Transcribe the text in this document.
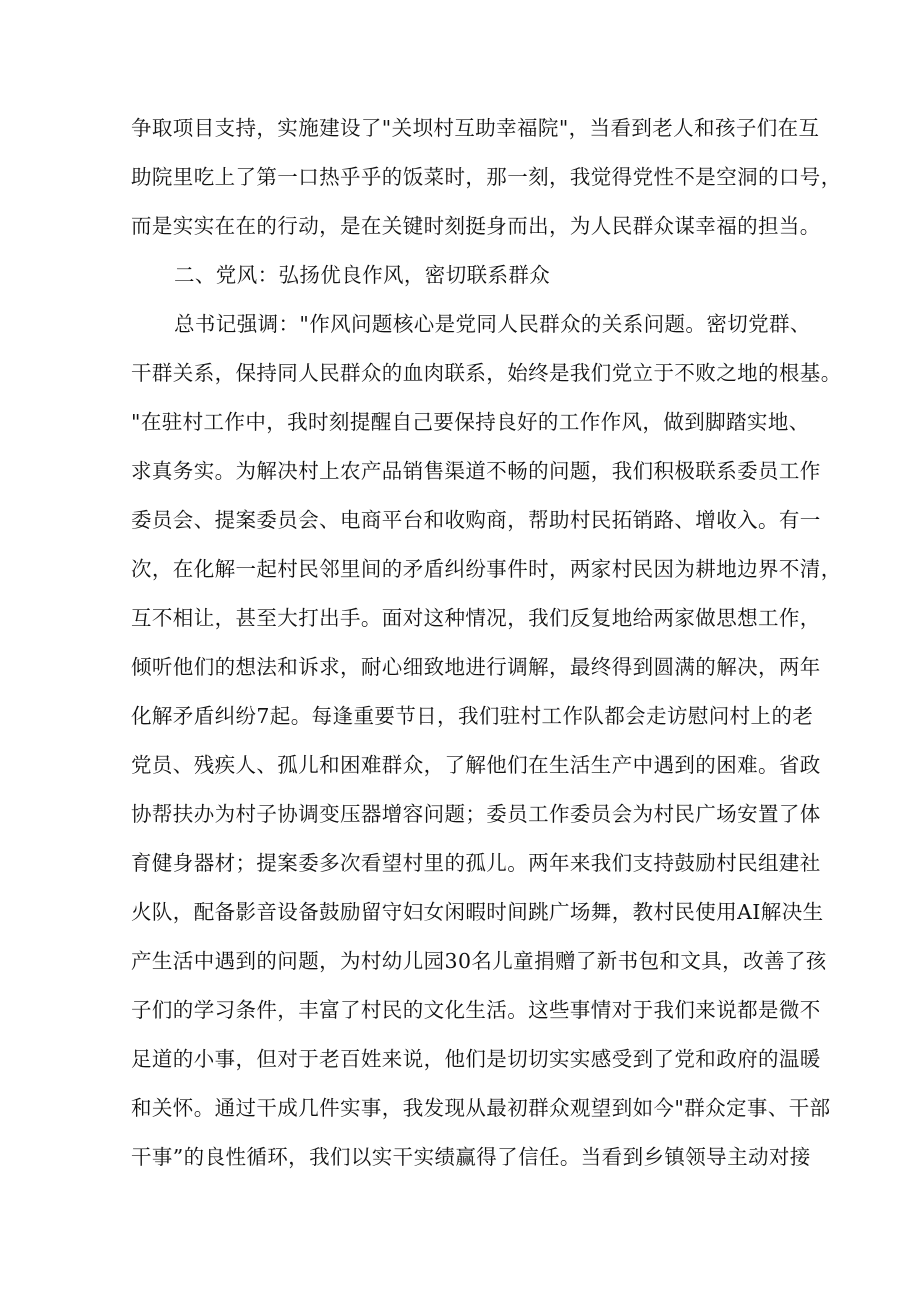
争取项目支持，实施建设了"关坝村互助幸福院"，当看到老人和孩子们在互
助院里吃上了第一口热乎乎的饭菜时，那一刻，我觉得党性不是空洞的口号，
而是实实在在的行动，是在关键时刻挺身而出，为人民群众谋幸福的担当。
二、党风：弘扬优良作风，密切联系群众
总书记强调："作风问题核心是党同人民群众的关系问题。密切党群、
干群关系，保持同人民群众的血肉联系，始终是我们党立于不败之地的根基。
"在驻村工作中，我时刻提醒自己要保持良好的工作作风，做到脚踏实地、
求真务实。为解决村上农产品销售渠道不畅的问题，我们积极联系委员工作
委员会、提案委员会、电商平台和收购商，帮助村民拓销路、增收入。有一
次，在化解一起村民邻里间的矛盾纠纷事件时，两家村民因为耕地边界不清，
互不相让，甚至大打出手。面对这种情况，我们反复地给两家做思想工作，
倾听他们的想法和诉求，耐心细致地进行调解，最终得到圆满的解决，两年
化解矛盾纠纷7起。每逢重要节日，我们驻村工作队都会走访慰问村上的老
党员、残疾人、孤儿和困难群众，了解他们在生活生产中遇到的困难。省政
协帮扶办为村子协调变压器增容问题；委员工作委员会为村民广场安置了体
育健身器材；提案委多次看望村里的孤儿。两年来我们支持鼓励村民组建社
火队，配备影音设备鼓励留守妇女闲暇时间跳广场舞，教村民使用AI解决生
产生活中遇到的问题，为村幼儿园30名儿童捐赠了新书包和文具，改善了孩
子们的学习条件，丰富了村民的文化生活。这些事情对于我们来说都是微不
足道的小事，但对于老百姓来说，他们是切切实实感受到了党和政府的温暖
和关怀。通过干成几件实事，我发现从最初群众观望到如今"群众定事、干部
干事”的良性循环，我们以实干实绩赢得了信任。当看到乡镇领导主动对接
